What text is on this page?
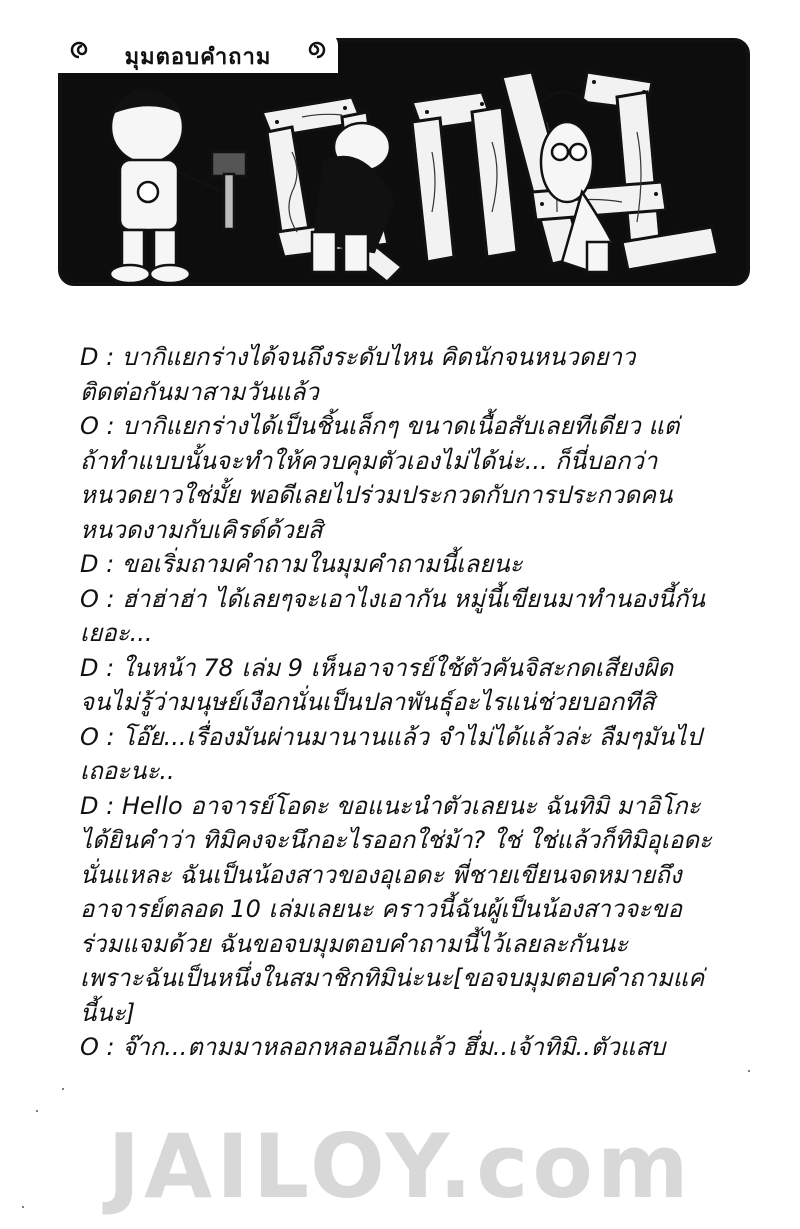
มุมตอบคำถาม

D : บากิแยกร่างได้จนถึงระดับไหน คิดนักจนหนวดยาว

ติดต่อกันมาสามวันแล้ว

O : บากิแยกร่างได้เป็นชิ้นเล็กๆ ขนาดเนื้อสับเลยทีเดียว แต่

ถ้าทำแบบนั้นจะทำให้ควบคุมตัวเองไม่ได้น่ะ... ก็นี่บอกว่า

หนวดยาวใช่มั้ย พอดีเลยไปร่วมประกวดกับการประกวดคน

หนวดงามกับเคิรด์ด้วยสิ

D : ขอเริ่มถามคำถามในมุมคำถามนี้เลยนะ

O : ฮ่าฮ่าฮ่า ได้เลยๆจะเอาไงเอากัน หมู่นี้เขียนมาทำนองนี้กัน

เยอะ...

D : ในหน้า 78 เล่ม 9 เห็นอาจารย์ใช้ตัวคันจิสะกดเสียงผิด

จนไม่รู้ว่ามนุษย์เงือกนั่นเป็นปลาพันธุ์อะไรแน่ช่วยบอกทีสิ

O : โอ๊ย...เรื่องมันผ่านมานานแล้ว จำไม่ได้แล้วล่ะ ลืมๆมันไป

เถอะนะ..

D : Hello อาจารย์โอดะ ขอแนะนำตัวเลยนะ ฉันทิมิ มาอิโกะ

ได้ยินคำว่า ทิมิคงจะนึกอะไรออกใช่ม้า? ใช่ ใช่แล้วก็ทิมิอุเอดะ

นั่นแหละ ฉันเป็นน้องสาวของอุเอดะ พี่ชายเขียนจดหมายถึง

อาจารย์ตลอด 10 เล่มเลยนะ คราวนี้ฉันผู้เป็นน้องสาวจะขอ

ร่วมแจมด้วย ฉันขอจบมุมตอบคำถามนี้ไว้เลยละกันนะ

เพราะฉันเป็นหนึ่งในสมาชิกทิมิน่ะนะ[ขอจบมุมตอบคำถามแค่

นี้นะ]

O : จ๊าก...ตามมาหลอกหลอนอีกแล้ว ฮึ่ม..เจ้าทิมิ..ตัวแสบ

JAILOY.com
